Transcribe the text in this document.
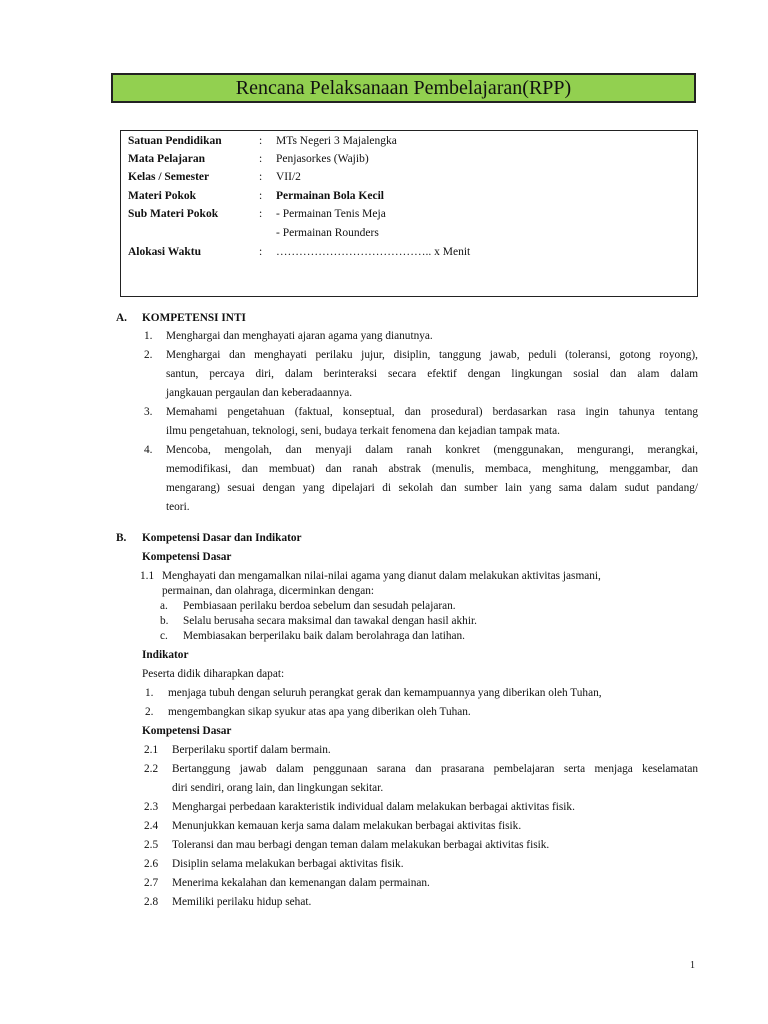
Rencana Pelaksanaan Pembelajaran(RPP)
Satuan Pendidikan	: MTs Negeri 3 Majalengka
Mata Pelajaran	: Penjasorkes (Wajib)
Kelas / Semester	: VII/2
Materi Pokok	: Permainan Bola Kecil
Sub Materi Pokok	: - Permainan Tenis Meja
- Permainan Rounders
Alokasi Waktu	: ………………………………….. x Menit
A. KOMPETENSI INTI
1. Menghargai dan menghayati ajaran agama yang dianutnya.
2. Menghargai dan menghayati perilaku jujur, disiplin, tanggung jawab, peduli (toleransi, gotong royong),
santun, percaya diri, dalam berinteraksi secara efektif dengan lingkungan sosial dan alam dalam
jangkauan pergaulan dan keberadaannya.
3. Memahami pengetahuan (faktual, konseptual, dan prosedural) berdasarkan rasa ingin tahunya tentang
ilmu pengetahuan, teknologi, seni, budaya terkait fenomena dan kejadian tampak mata.
4. Mencoba, mengolah, dan menyaji dalam ranah konkret (menggunakan, mengurangi, merangkai,
memodifikasi, dan membuat) dan ranah abstrak (menulis, membaca, menghitung, menggambar, dan
mengarang) sesuai dengan yang dipelajari di sekolah dan sumber lain yang sama dalam sudut pandang/
teori.
B. Kompetensi Dasar dan Indikator
Kompetensi Dasar
1.1 Menghayati dan mengamalkan nilai-nilai agama yang dianut dalam melakukan aktivitas jasmani,
permainan, dan olahraga, dicerminkan dengan:
a. Pembiasaan perilaku berdoa sebelum dan sesudah pelajaran.
b. Selalu berusaha secara maksimal dan tawakal dengan hasil akhir.
c. Membiasakan berperilaku baik dalam berolahraga dan latihan.
Indikator
Peserta didik diharapkan dapat:
1. menjaga tubuh dengan seluruh perangkat gerak dan kemampuannya yang diberikan oleh Tuhan,
2. mengembangkan sikap syukur atas apa yang diberikan oleh Tuhan.
Kompetensi Dasar
2.1 Berperilaku sportif dalam bermain.
2.2 Bertanggung jawab dalam penggunaan sarana dan prasarana pembelajaran serta menjaga keselamatan
diri sendiri, orang lain, dan lingkungan sekitar.
2.3 Menghargai perbedaan karakteristik individual dalam melakukan berbagai aktivitas fisik.
2.4 Menunjukkan kemauan kerja sama dalam melakukan berbagai aktivitas fisik.
2.5 Toleransi dan mau berbagi dengan teman dalam melakukan berbagai aktivitas fisik.
2.6 Disiplin selama melakukan berbagai aktivitas fisik.
2.7 Menerima kekalahan dan kemenangan dalam permainan.
2.8 Memiliki perilaku hidup sehat.
1
